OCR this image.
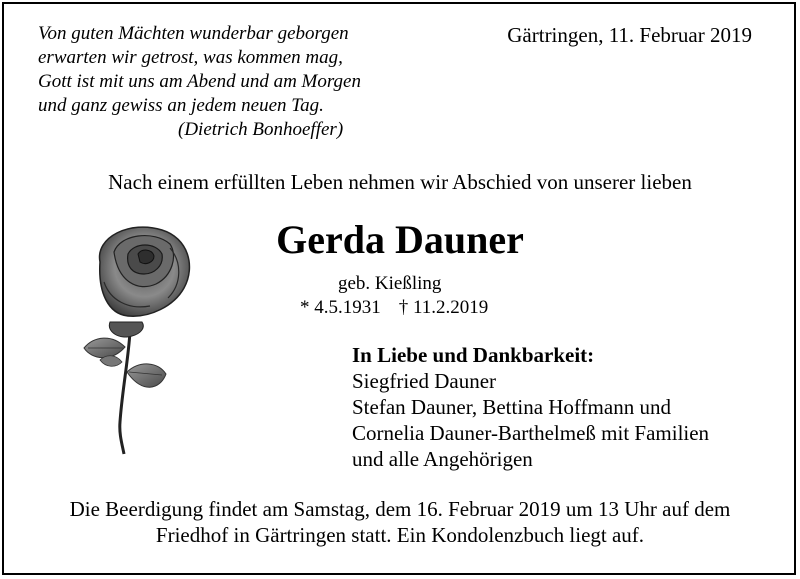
Von guten Mächten wunderbar geborgen
erwarten wir getrost, was kommen mag,
Gott ist mit uns am Abend und am Morgen
und ganz gewiss an jedem neuen Tag.
(Dietrich Bonhoeffer)
Gärtringen, 11. Februar 2019
Nach einem erfüllten Leben nehmen wir Abschied von unserer lieben
Gerda Dauner
geb. Kießling
* 4.5.1931 † 11.2.2019
In Liebe und Dankbarkeit:
Siegfried Dauner
Stefan Dauner, Bettina Hoffmann und
Cornelia Dauner-Barthelmeß mit Familien
und alle Angehörigen
Die Beerdigung findet am Samstag, dem 16. Februar 2019 um 13 Uhr auf dem
Friedhof in Gärtringen statt. Ein Kondolenzbuch liegt auf.
